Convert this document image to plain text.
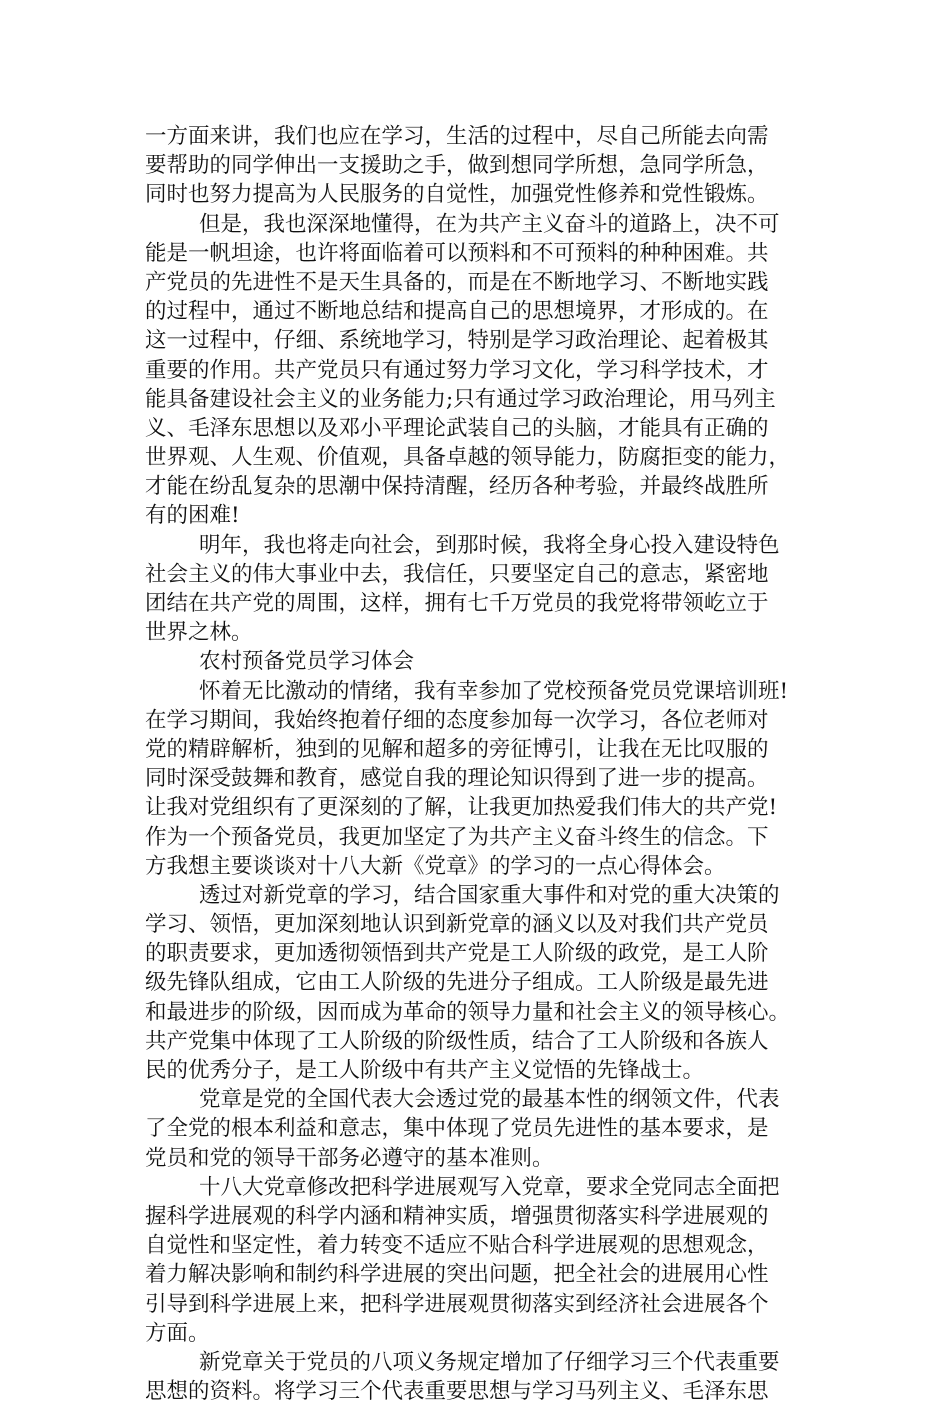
一方面来讲，我们也应在学习，生活的过程中，尽自己所能去向需
要帮助的同学伸出一支援助之手，做到想同学所想，急同学所急，
同时也努力提高为人民服务的自觉性，加强党性修养和党性锻炼。
但是，我也深深地懂得，在为共产主义奋斗的道路上，决不可
能是一帆坦途，也许将面临着可以预料和不可预料的种种困难。共
产党员的先进性不是天生具备的，而是在不断地学习、不断地实践
的过程中，通过不断地总结和提高自己的思想境界，才形成的。在
这一过程中，仔细、系统地学习，特别是学习政治理论、起着极其
重要的作用。共产党员只有通过努力学习文化，学习科学技术，才
能具备建设社会主义的业务能力;只有通过学习政治理论，用马列主
义、毛泽东思想以及邓小平理论武装自己的头脑，才能具有正确的
世界观、人生观、价值观，具备卓越的领导能力，防腐拒变的能力，
才能在纷乱复杂的思潮中保持清醒，经历各种考验，并最终战胜所
有的困难!
明年，我也将走向社会，到那时候，我将全身心投入建设特色
社会主义的伟大事业中去，我信任，只要坚定自己的意志，紧密地
团结在共产党的周围，这样，拥有七千万党员的我党将带领屹立于
世界之林。
农村预备党员学习体会
怀着无比激动的情绪，我有幸参加了党校预备党员党课培训班!
在学习期间，我始终抱着仔细的态度参加每一次学习，各位老师对
党的精辟解析，独到的见解和超多的旁征博引，让我在无比叹服的
同时深受鼓舞和教育，感觉自我的理论知识得到了进一步的提高。
让我对党组织有了更深刻的了解，让我更加热爱我们伟大的共产党!
作为一个预备党员，我更加坚定了为共产主义奋斗终生的信念。下
方我想主要谈谈对十八大新《党章》的学习的一点心得体会。
透过对新党章的学习，结合国家重大事件和对党的重大决策的
学习、领悟，更加深刻地认识到新党章的涵义以及对我们共产党员
的职责要求，更加透彻领悟到共产党是工人阶级的政党，是工人阶
级先锋队组成，它由工人阶级的先进分子组成。工人阶级是最先进
和最进步的阶级，因而成为革命的领导力量和社会主义的领导核心。
共产党集中体现了工人阶级的阶级性质，结合了工人阶级和各族人
民的优秀分子，是工人阶级中有共产主义觉悟的先锋战士。
党章是党的全国代表大会透过党的最基本性的纲领文件，代表
了全党的根本利益和意志，集中体现了党员先进性的基本要求，是
党员和党的领导干部务必遵守的基本准则。
十八大党章修改把科学进展观写入党章，要求全党同志全面把
握科学进展观的科学内涵和精神实质，增强贯彻落实科学进展观的
自觉性和坚定性，着力转变不适应不贴合科学进展观的思想观念，
着力解决影响和制约科学进展的突出问题，把全社会的进展用心性
引导到科学进展上来，把科学进展观贯彻落实到经济社会进展各个
方面。
新党章关于党员的八项义务规定增加了仔细学习三个代表重要
思想的资料。将学习三个代表重要思想与学习马列主义、毛泽东思
